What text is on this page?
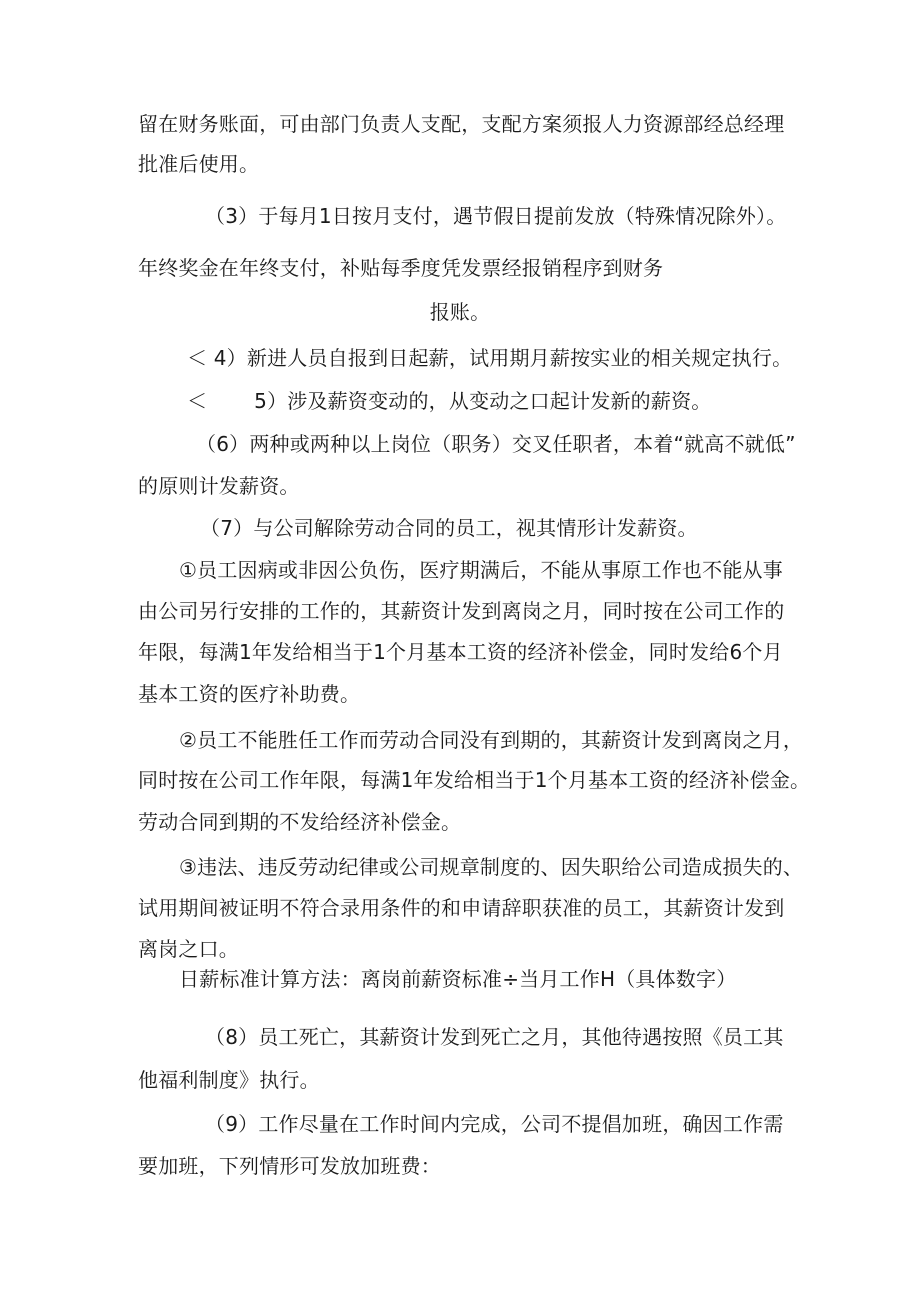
留在财务账面，可由部门负责人支配，支配方案须报人力资源部经总经理

批准后使用。

（3）于每月1日按月支付，遇节假日提前发放（特殊情况除外）。

年终奖金在年终支付，补贴每季度凭发票经报销程序到财务

报账。

＜ 4）新进人员自报到日起薪，试用期月薪按实业的相关规定执行。

＜　　 5）涉及薪资变动的，从变动之口起计发新的薪资。

（6）两种或两种以上岗位（职务）交叉任职者，本着“就高不就低”

的原则计发薪资。

（7）与公司解除劳动合同的员工，视其情形计发薪资。

①员工因病或非因公负伤，医疗期满后，不能从事原工作也不能从事

由公司另行安排的工作的，其薪资计发到离岗之月，同时按在公司工作的

年限，每满1年发给相当于1个月基本工资的经济补偿金，同时发给6个月

基本工资的医疗补助费。

②员工不能胜任工作而劳动合同没有到期的，其薪资计发到离岗之月，

同时按在公司工作年限，每满1年发给相当于1个月基本工资的经济补偿金。

劳动合同到期的不发给经济补偿金。

③违法、违反劳动纪律或公司规章制度的、因失职给公司造成损失的、

试用期间被证明不符合录用条件的和申请辞职获准的员工，其薪资计发到

离岗之口。

日薪标准计算方法：离岗前薪资标准÷当月工作H（具体数字）

（8）员工死亡，其薪资计发到死亡之月，其他待遇按照《员工其

他福利制度》执行。

（9）工作尽量在工作时间内完成，公司不提倡加班，确因工作需

要加班，下列情形可发放加班费：
